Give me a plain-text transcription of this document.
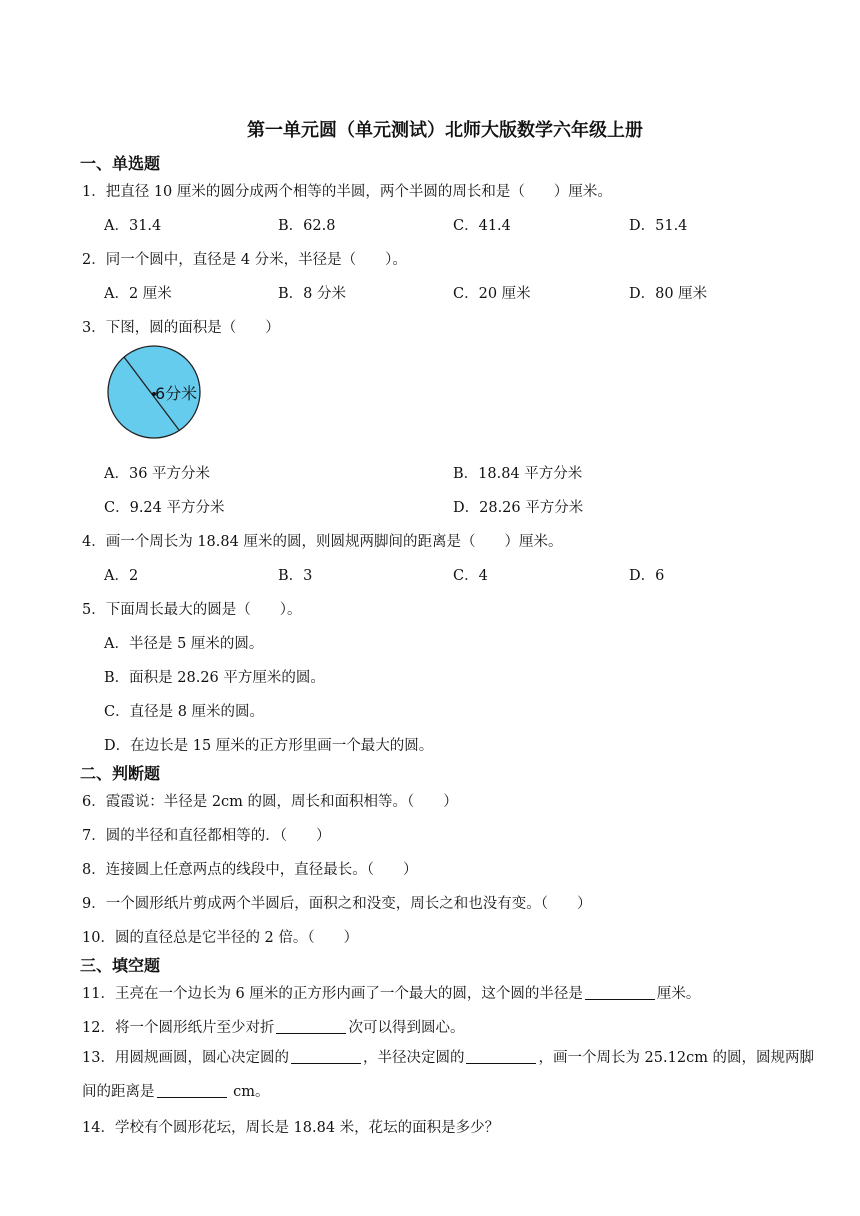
第一单元圆（单元测试）北师大版数学六年级上册
一、单选题
1．把直径 10 厘米的圆分成两个相等的半圆，两个半圆的周长和是（　　）厘米。
A．31.4	B．62.8	C．41.4	D．51.4
2．同一个圆中，直径是 4 分米，半径是（　　）。
A．2 厘米	B．8 分米	C．20 厘米	D．80 厘米
3．下图，圆的面积是（　　）
6分米
A．36 平方分米	B．18.84 平方分米
C．9.24 平方分米	D．28.26 平方分米
4．画一个周长为 18.84 厘米的圆，则圆规两脚间的距离是（　　）厘米。
A．2	B．3	C．4	D．6
5．下面周长最大的圆是（　　）。
A．半径是 5 厘米的圆。
B．面积是 28.26 平方厘米的圆。
C．直径是 8 厘米的圆。
D．在边长是 15 厘米的正方形里画一个最大的圆。
二、判断题
6．霞霞说：半径是 2cm 的圆，周长和面积相等。（　　）
7．圆的半径和直径都相等的．（　　）
8．连接圆上任意两点的线段中，直径最长。（　　）
9．一个圆形纸片剪成两个半圆后，面积之和没变，周长之和也没有变。（　　）
10．圆的直径总是它半径的 2 倍。（　　）
三、填空题
11．王亮在一个边长为 6 厘米的正方形内画了一个最大的圆，这个圆的半径是	厘米。
12．将一个圆形纸片至少对折	次可以得到圆心。
13．用圆规画圆，圆心决定圆的	，半径决定圆的	，画一个周长为 25.12cm 的圆，圆规两脚间的距离是	cm。
14．学校有个圆形花坛，周长是 18.84 米，花坛的面积是多少？
